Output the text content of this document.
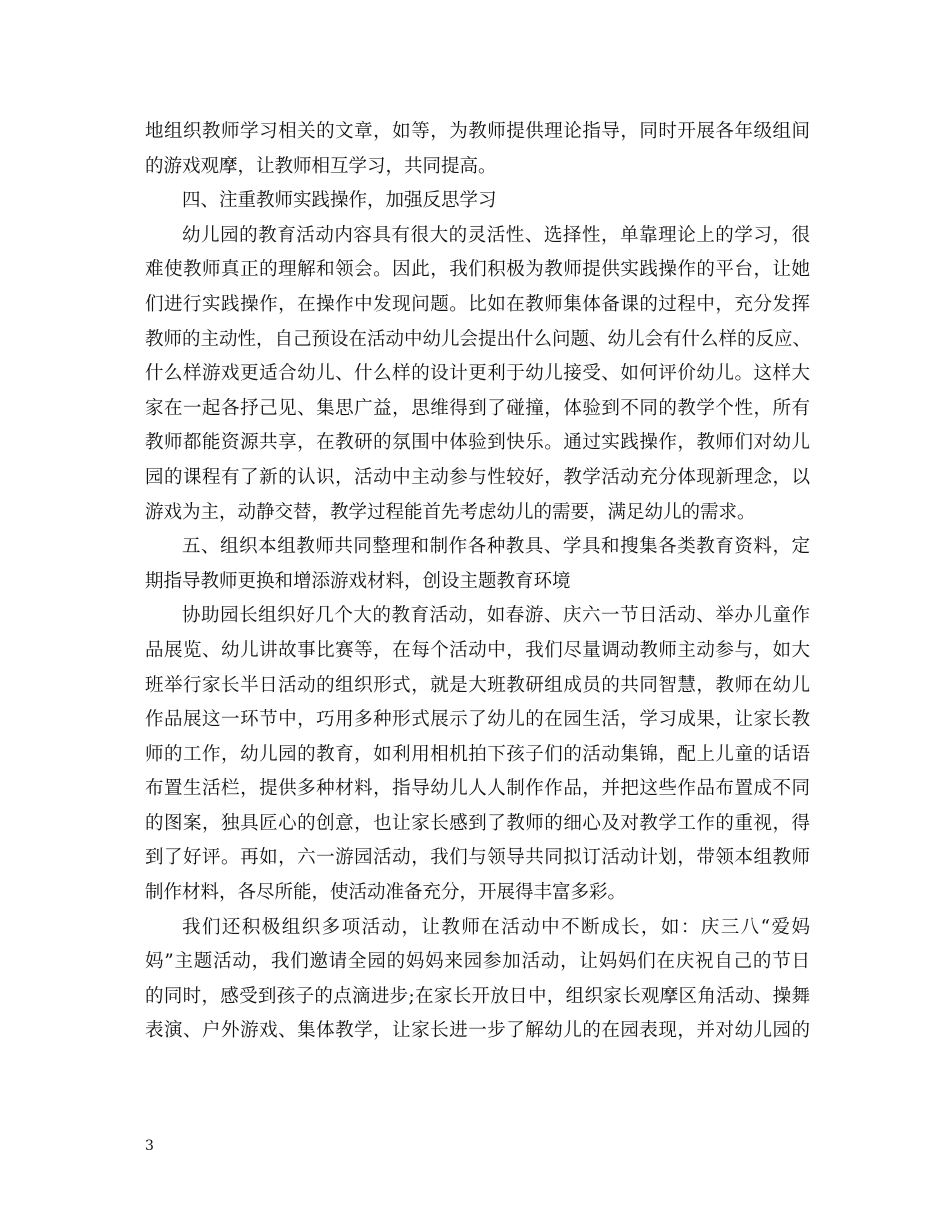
地组织教师学习相关的文章，如等，为教师提供理论指导，同时开展各年级组间
的游戏观摩，让教师相互学习，共同提高。
四、注重教师实践操作，加强反思学习
幼儿园的教育活动内容具有很大的灵活性、选择性，单靠理论上的学习，很
难使教师真正的理解和领会。因此，我们积极为教师提供实践操作的平台，让她
们进行实践操作，在操作中发现问题。比如在教师集体备课的过程中，充分发挥
教师的主动性，自己预设在活动中幼儿会提出什么问题、幼儿会有什么样的反应、
什么样游戏更适合幼儿、什么样的设计更利于幼儿接受、如何评价幼儿。这样大
家在一起各抒己见、集思广益，思维得到了碰撞，体验到不同的教学个性，所有
教师都能资源共享，在教研的氛围中体验到快乐。通过实践操作，教师们对幼儿
园的课程有了新的认识，活动中主动参与性较好，教学活动充分体现新理念，以
游戏为主，动静交替，教学过程能首先考虑幼儿的需要，满足幼儿的需求。
五、组织本组教师共同整理和制作各种教具、学具和搜集各类教育资料，定
期指导教师更换和增添游戏材料，创设主题教育环境
协助园长组织好几个大的教育活动，如春游、庆六一节日活动、举办儿童作
品展览、幼儿讲故事比赛等，在每个活动中，我们尽量调动教师主动参与，如大
班举行家长半日活动的组织形式，就是大班教研组成员的共同智慧，教师在幼儿
作品展这一环节中，巧用多种形式展示了幼儿的在园生活，学习成果，让家长教
师的工作，幼儿园的教育，如利用相机拍下孩子们的活动集锦，配上儿童的话语
布置生活栏，提供多种材料，指导幼儿人人制作作品，并把这些作品布置成不同
的图案，独具匠心的创意，也让家长感到了教师的细心及对教学工作的重视，得
到了好评。再如，六一游园活动，我们与领导共同拟订活动计划，带领本组教师
制作材料，各尽所能，使活动准备充分，开展得丰富多彩。
我们还积极组织多项活动，让教师在活动中不断成长，如：庆三八“爱妈
妈”主题活动，我们邀请全园的妈妈来园参加活动，让妈妈们在庆祝自己的节日
的同时，感受到孩子的点滴进步;在家长开放日中，组织家长观摩区角活动、操舞
表演、户外游戏、集体教学，让家长进一步了解幼儿的在园表现，并对幼儿园的
3
